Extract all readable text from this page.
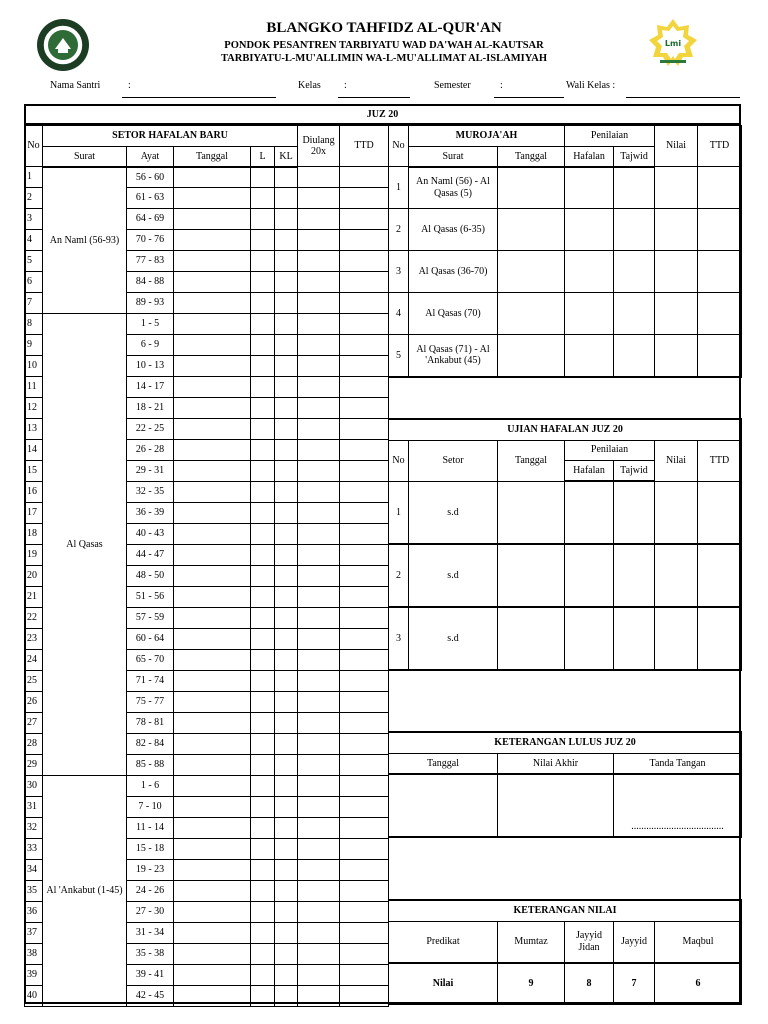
BLANGKO TAHFIDZ AL-QUR'AN
PONDOK PESANTREN TARBIYATU WAD DA'WAH AL-KAUTSAR
TARBIYATU-L-MU'ALLIMIN WA-L-MU'ALLIMAT AL-ISLAMIYAH
Lmi
Nama Santri	:	Kelas :	Semester	:	Wali Kelas :
JUZ 20
No	SETOR HAFALAN BARU					Diulang 20x	TTD
	Surat	Ayat	Tanggal	L	KL		
1	An Naml (56-93)	56 - 60					
2		61 - 63					
3		64 - 69					
4		70 - 76					
5		77 - 83					
6		84 - 88					
7		89 - 93					
8	Al Qasas	1 - 5					
9		6 - 9					
10		10 - 13					
11		14 - 17					
12		18 - 21					
13		22 - 25					
14		26 - 28					
15		29 - 31					
16		32 - 35					
17		36 - 39					
18		40 - 43					
19		44 - 47					
20		48 - 50					
21		51 - 56					
22		57 - 59					
23		60 - 64					
24		65 - 70					
25		71 - 74					
26		75 - 77					
27		78 - 81					
28		82 - 84					
29		85 - 88					
30	Al 'Ankabut (1-45)	1 - 6					
31		7 - 10					
32		11 - 14					
33		15 - 18					
34		19 - 23					
35		24 - 26					
36		27 - 30					
37		31 - 34					
38		35 - 38					
39		39 - 41					
40		42 - 45					
No	MUROJA'AH		Penilaian		Nilai	TTD
	Surat	Tanggal	Hafalan	Tajwid		
1	An Naml (56) - Al Qasas (5)					
2	Al Qasas (6-35)					
3	Al Qasas (36-70)					
4	Al Qasas (70)					
5	Al Qasas (71) - Al 'Ankabut (45)					
UJIAN HAFALAN JUZ 20						
No	Setor	Tanggal	Penilaian		Nilai	TTD
			Hafalan	Tajwid		
1	s.d					
2	s.d					
3	s.d					
KETERANGAN LULUS JUZ 20		
Tanggal	Nilai Akhir	Tanda Tangan
		.....................................
KETERANGAN NILAI				
Predikat	Mumtaz	Jayyid Jidan	Jayyid	Maqbul
Nilai	9	8	7	6
